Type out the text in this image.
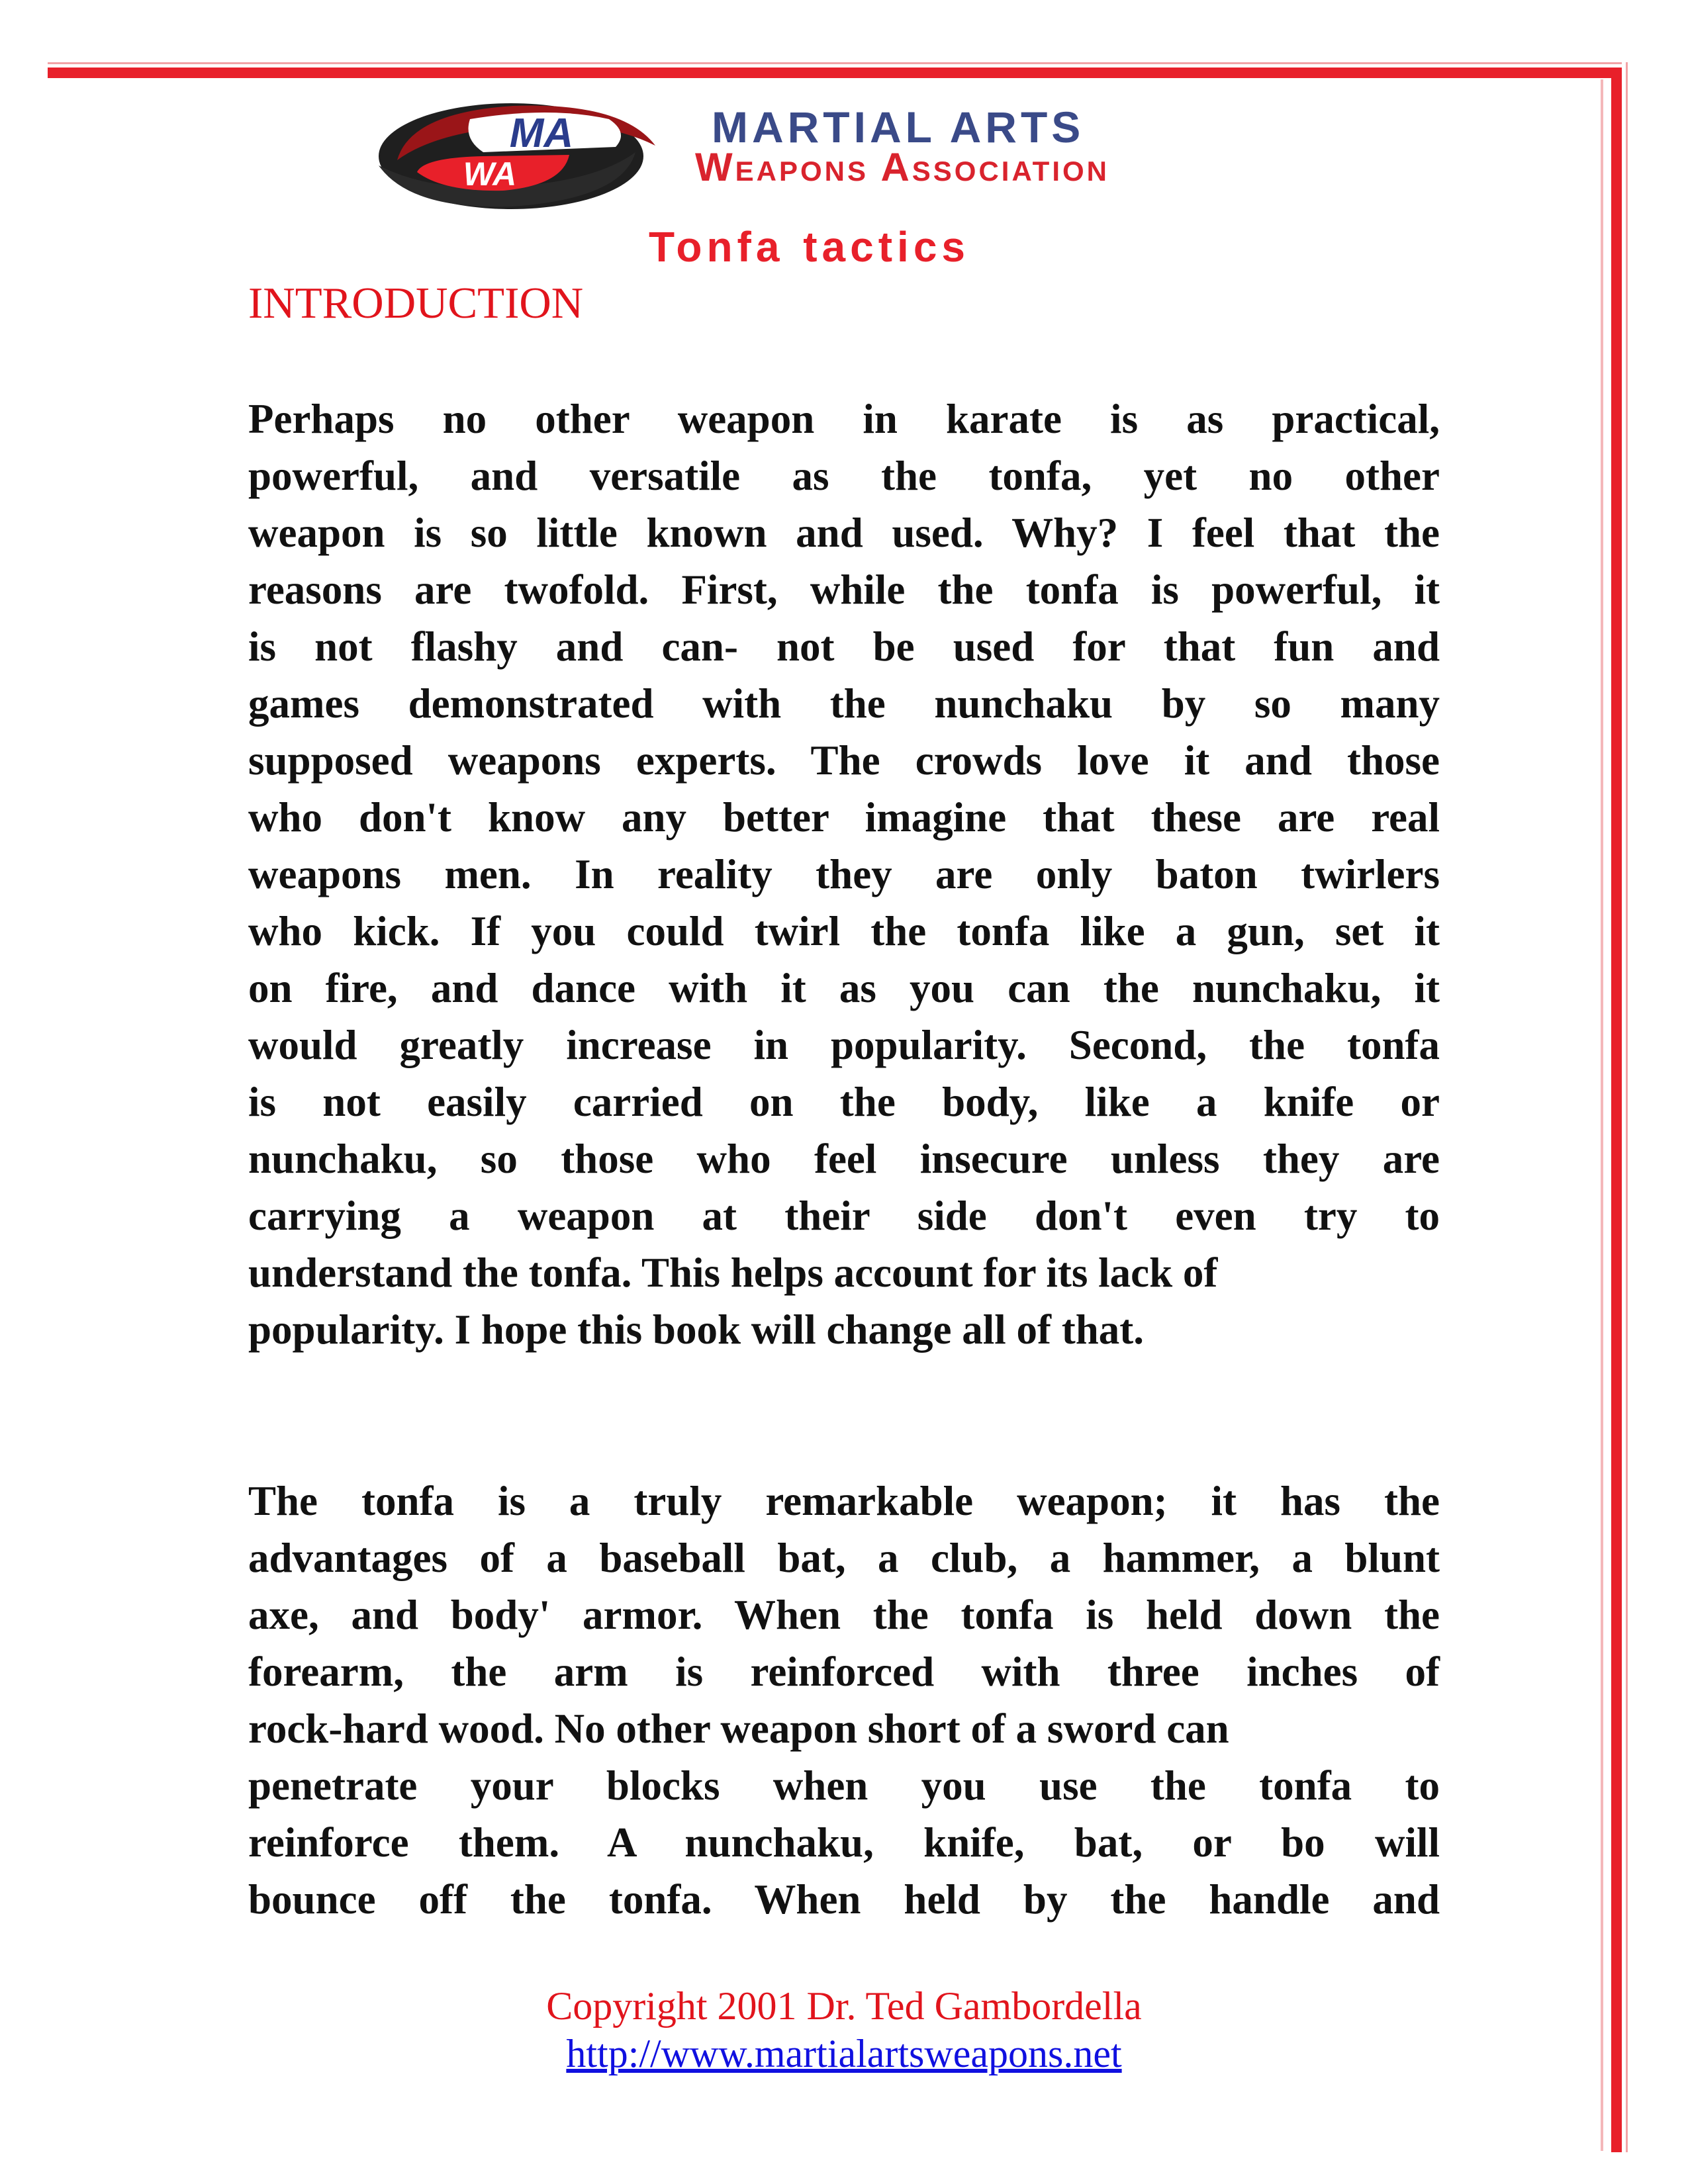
MA
WA
MARTIAL ARTS
Weapons Association
Tonfa tactics
INTRODUCTION
Perhaps no other weapon in karate is as practical,
powerful, and versatile as the tonfa, yet no other
weapon is so little known and used. Why? I feel that the
reasons are twofold. First, while the tonfa is powerful, it
is not flashy and can- not be used for that fun and
games demonstrated with the nunchaku by so many
supposed weapons experts. The crowds love it and those
who don't know any better imagine that these are real
weapons men. In reality they are only baton twirlers
who kick. If you could twirl the tonfa like a gun, set it
on fire, and dance with it as you can the nunchaku, it
would greatly increase in popularity. Second, the tonfa
is not easily carried on the body, like a knife or
nunchaku, so those who feel insecure unless they are
carrying a weapon at their side don't even try to
understand the tonfa. This helps account for its lack of
popularity. I hope this book will change all of that.
The tonfa is a truly remarkable weapon; it has the
advantages of a baseball bat, a club, a hammer, a blunt
axe, and body' armor. When the tonfa is held down the
forearm, the arm is reinforced with three inches of
rock-hard wood. No other weapon short of a sword can
penetrate your blocks when you use the tonfa to
reinforce them. A nunchaku, knife, bat, or bo will
bounce off the tonfa. When held by the handle and
Copyright 2001 Dr. Ted Gambordella
http://www.martialartsweapons.net
